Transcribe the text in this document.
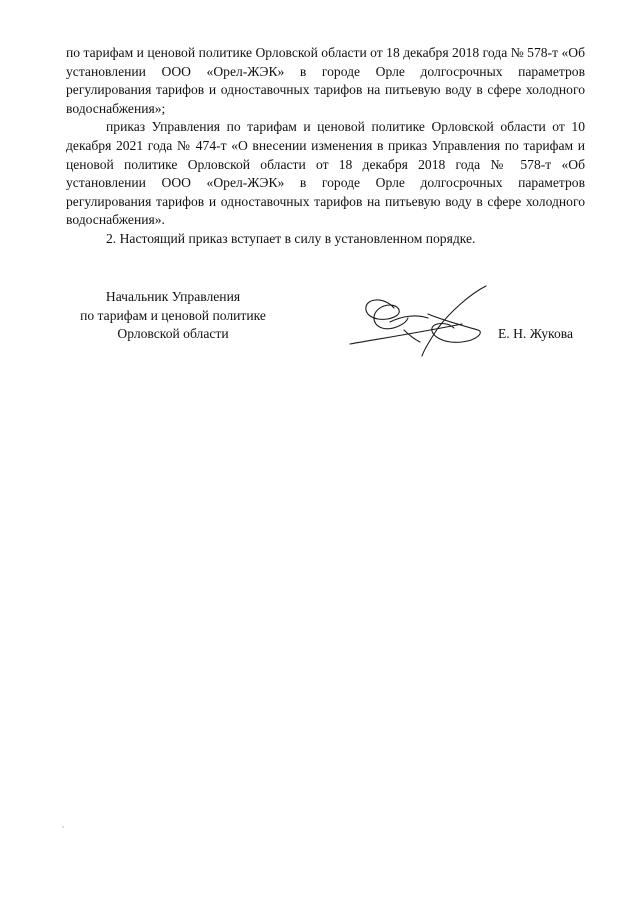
по тарифам и ценовой политике Орловской области от 18 декабря 2018 года № 578-т «Об установлении ООО «Орел-ЖЭК» в городе Орле долгосрочных параметров регулирования тарифов и одноставочных тарифов на питьевую воду в сфере холодного водоснабжения»;

приказ Управления по тарифам и ценовой политике Орловской области от 10 декабря 2021 года № 474-т «О внесении изменения в приказ Управления по тарифам и ценовой политике Орловской области от 18 декабря 2018 года № 578-т «Об установлении ООО «Орел-ЖЭК» в городе Орле долгосрочных параметров регулирования тарифов и одноставочных тарифов на питьевую воду в сфере холодного водоснабжения».

2. Настоящий приказ вступает в силу в установленном порядке.

Начальник Управления
по тарифам и ценовой политике
Орловской области	Е. Н. Жукова
